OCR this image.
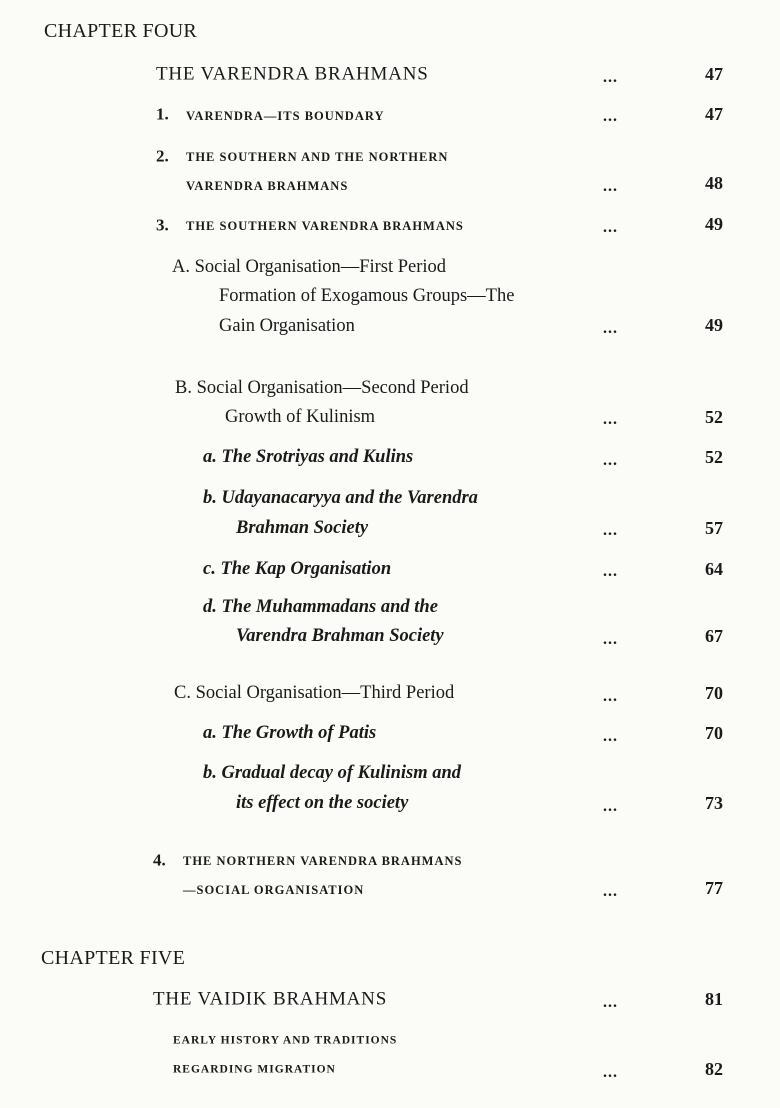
CHAPTER FOUR
THE VARENDRA BRAHMANS	...	47
1. VARENDRA—ITS BOUNDARY	...	47
2. THE SOUTHERN AND THE NORTHERN
VARENDRA BRAHMANS	...	48
3. THE SOUTHERN VARENDRA BRAHMANS	...	49
A. Social Organisation—First Period
Formation of Exogamous Groups—The
Gain Organisation	...	49
B. Social Organisation—Second Period
Growth of Kulinism	...	52
a. The Srotriyas and Kulins	...	52
b. Udayanacaryya and the Varendra
Brahman Society	...	57
c. The Kap Organisation	...	64
d. The Muhammadans and the
Varendra Brahman Society	...	67
C. Social Organisation—Third Period	...	70
a. The Growth of Patis	...	70
b. Gradual decay of Kulinism and
its effect on the society	...	73
4. THE NORTHERN VARENDRA BRAHMANS
—SOCIAL ORGANISATION	...	77
CHAPTER FIVE
THE VAIDIK BRAHMANS	...	81
EARLY HISTORY AND TRADITIONS
REGARDING MIGRATION	...	82
